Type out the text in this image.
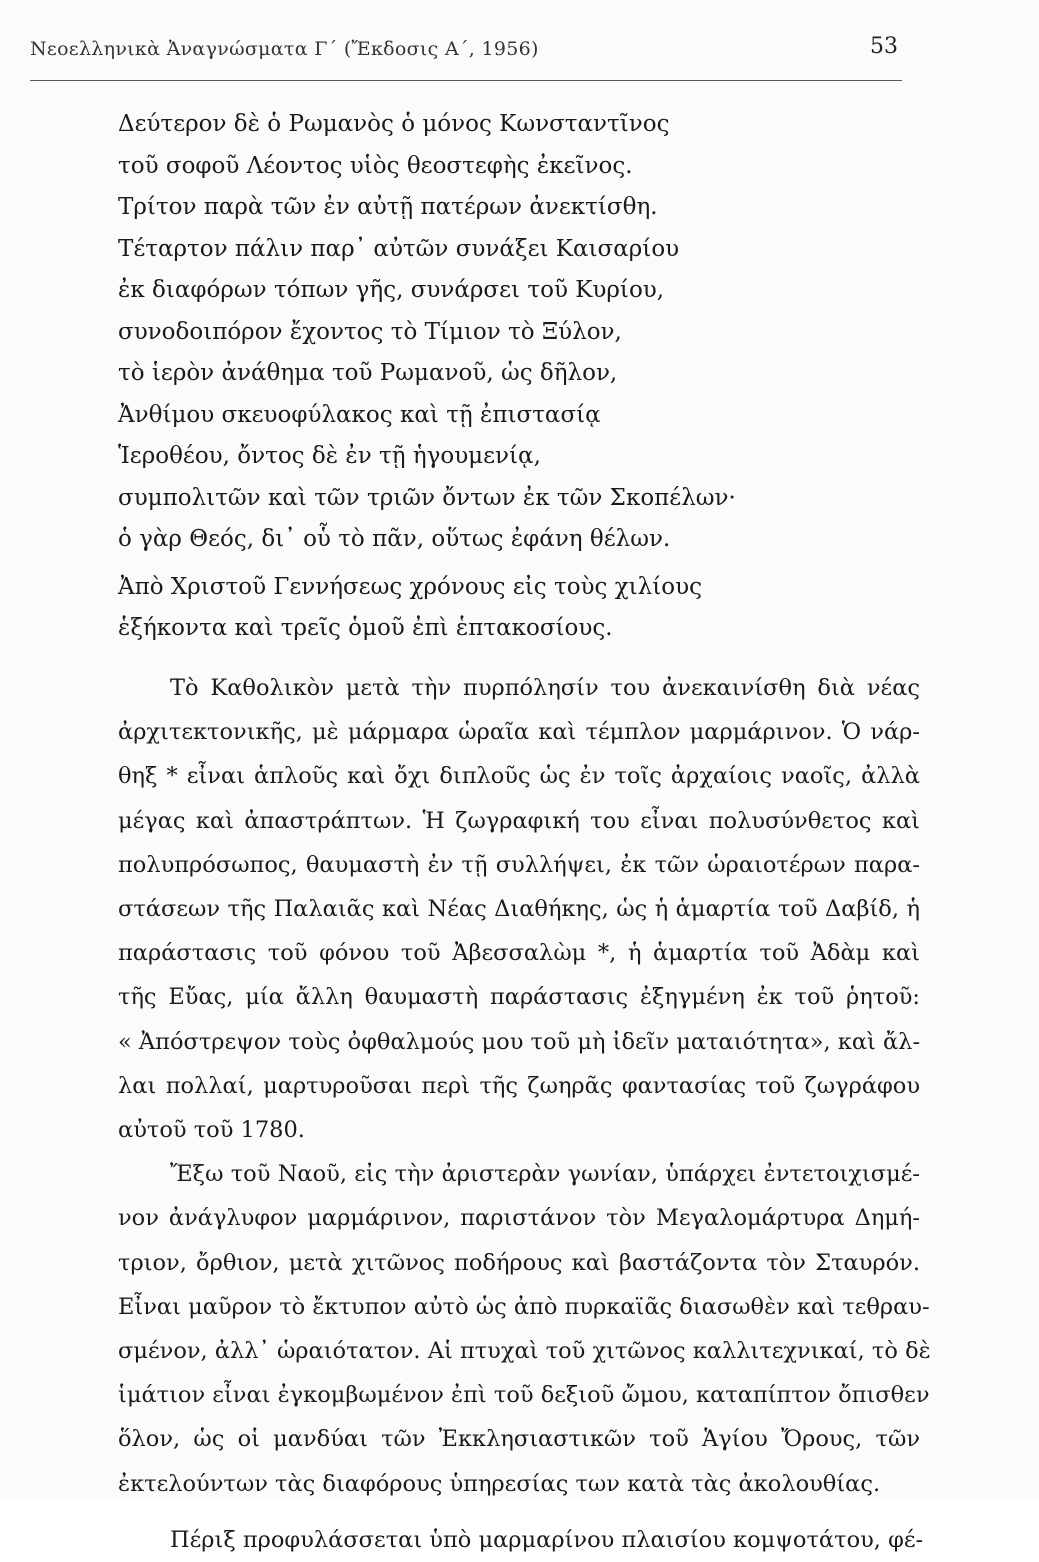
Νεοελληνικὰ Ἀναγνώσματα Γ΄ (Ἔκδοσις Α΄, 1956)	53
Δεύτερον δὲ ὁ Ρωμανὸς ὁ μόνος Κωνσταντῖνος
τοῦ σοφοῦ Λέοντος υἱὸς θεοστεφὴς ἐκεῖνος.
Τρίτον παρὰ τῶν ἐν αὐτῇ πατέρων ἀνεκτίσθη.
Τέταρτον πάλιν παρ᾿ αὐτῶν συνάξει Καισαρίου
ἐκ διαφόρων τόπων γῆς, συνάρσει τοῦ Κυρίου,
συνοδοιπόρον ἔχοντος τὸ Τίμιον τὸ Ξύλον,
τὸ ἱερὸν ἀνάθημα τοῦ Ρωμανοῦ, ὡς δῆλον,
Ἀνθίμου σκευοφύλακος καὶ τῇ ἐπιστασίᾳ
Ἱεροθέου, ὄντος δὲ ἐν τῇ ἡγουμενίᾳ,
συμπολιτῶν καὶ τῶν τριῶν ὄντων ἐκ τῶν Σκοπέλων·
ὁ γὰρ Θεός, δι᾿ οὗ τὸ πᾶν, οὕτως ἐφάνη θέλων.
Ἀπὸ Χριστοῦ Γεννήσεως χρόνους εἰς τοὺς χιλίους
ἑξήκοντα καὶ τρεῖς ὁμοῦ ἐπὶ ἑπτακοσίους.
Τὸ Καθολικὸν μετὰ τὴν πυρπόλησίν του ἀνεκαινίσθη διὰ νέας
ἀρχιτεκτονικῆς, μὲ μάρμαρα ὡραῖα καὶ τέμπλον μαρμάρινον. Ὁ νάρ-
θηξ * εἶναι ἁπλοῦς καὶ ὄχι διπλοῦς ὡς ἐν τοῖς ἀρχαίοις ναοῖς, ἀλλὰ
μέγας καὶ ἀπαστράπτων. Ἡ ζωγραφική του εἶναι πολυσύνθετος καὶ
πολυπρόσωπος, θαυμαστὴ ἐν τῇ συλλήψει, ἐκ τῶν ὡραιοτέρων παρα-
στάσεων τῆς Παλαιᾶς καὶ Νέας Διαθήκης, ὡς ἡ ἁμαρτία τοῦ Δαβίδ, ἡ
παράστασις τοῦ φόνου τοῦ Ἀβεσσαλὼμ *, ἡ ἁμαρτία τοῦ Ἀδὰμ καὶ
τῆς Εὔας, μία ἄλλη θαυμαστὴ παράστασις ἐξηγμένη ἐκ τοῦ ῥητοῦ:
« Ἀπόστρεψον τοὺς ὀφθαλμούς μου τοῦ μὴ ἰδεῖν ματαιότητα», καὶ ἄλ-
λαι πολλαί, μαρτυροῦσαι περὶ τῆς ζωηρᾶς φαντασίας τοῦ ζωγράφου
αὐτοῦ τοῦ 1780.
Ἔξω τοῦ Ναοῦ, εἰς τὴν ἀριστερὰν γωνίαν, ὑπάρχει ἐντετοιχισμέ-
νον ἀνάγλυφον μαρμάρινον, παριστάνον τὸν Μεγαλομάρτυρα Δημή-
τριον, ὄρθιον, μετὰ χιτῶνος ποδήρους καὶ βαστάζοντα τὸν Σταυρόν.
Εἶναι μαῦρον τὸ ἔκτυπον αὐτὸ ὡς ἀπὸ πυρκαϊᾶς διασωθὲν καὶ τεθραυ-
σμένον, ἀλλ᾿ ὡραιότατον. Αἱ πτυχαὶ τοῦ χιτῶνος καλλιτεχνικαί, τὸ δὲ
ἱμάτιον εἶναι ἐγκομβωμένον ἐπὶ τοῦ δεξιοῦ ὤμου, καταπίπτον ὄπισθεν
ὅλον, ὡς οἱ μανδύαι τῶν Ἐκκλησιαστικῶν τοῦ Ἁγίου Ὄρους, τῶν
ἐκτελούντων τὰς διαφόρους ὑπηρεσίας των κατὰ τὰς ἀκολουθίας.
Πέριξ προφυλάσσεται ὑπὸ μαρμαρίνου πλαισίου κομψοτάτου, φέ-
